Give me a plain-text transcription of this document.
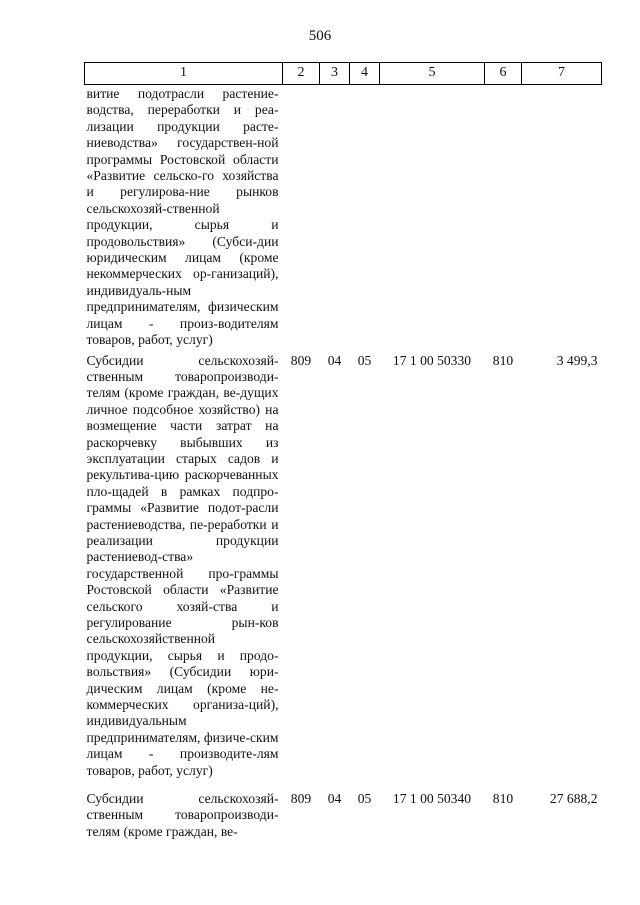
506
1	2	3	4	5	6	7
витие подотрасли растение-водства, переработки и реа-лизации продукции расте-ниеводства» государствен-ной программы Ростовской области «Развитие сельско-го хозяйства и регулирова-ние рынков сельскохозяй-ственной продукции, сырья и продовольствия» (Субси-дии юридическим лицам (кроме некоммерческих ор-ганизаций), индивидуаль-ным предпринимателям, физическим лицам - произ-водителям товаров, работ, услуг)						
Субсидии сельскохозяй-ственным товаропроизводи-телям (кроме граждан, ве-дущих личное подсобное хозяйство) на возмещение части затрат на раскорчевку выбывших из эксплуатации старых садов и рекультива-цию раскорчеванных пло-щадей в рамках подпро-граммы «Развитие подот-расли растениеводства, пе-реработки и реализации продукции растениевод-ства» государственной про-граммы Ростовской области «Развитие сельского хозяй-ства и регулирование рын-ков сельскохозяйственной продукции, сырья и продо-вольствия» (Субсидии юри-дическим лицам (кроме не-коммерческих организа-ций), индивидуальным предпринимателям, физиче-ским лицам - производите-лям товаров, работ, услуг)	809	04	05	17 1 00 50330	810	3 499,3
Субсидии сельскохозяй-ственным товаропроизводи-телям (кроме граждан, ве-	809	04	05	17 1 00 50340	810	27 688,2
